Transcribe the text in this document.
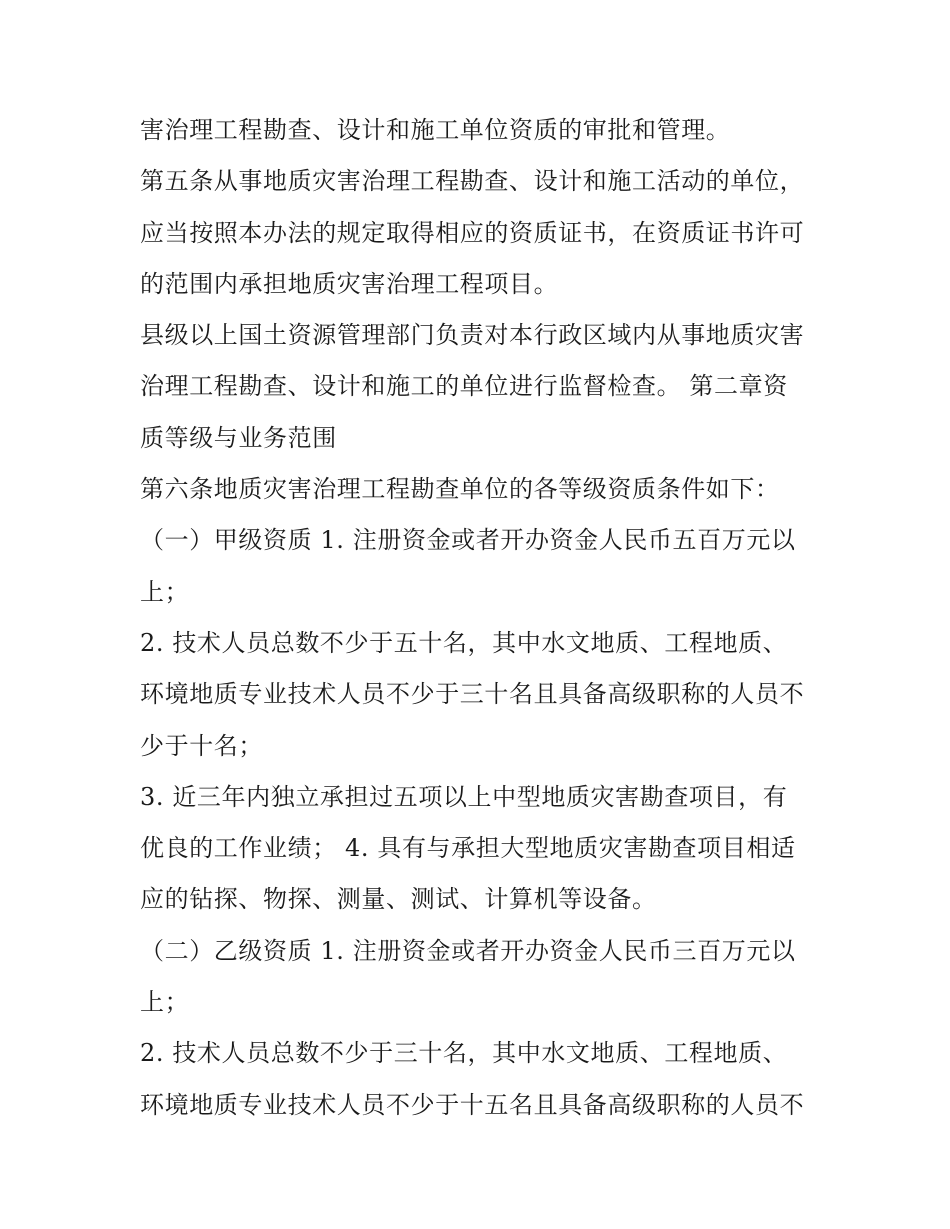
害治理工程勘查、设计和施工单位资质的审批和管理。
第五条从事地质灾害治理工程勘查、设计和施工活动的单位，
应当按照本办法的规定取得相应的资质证书，在资质证书许可
的范围内承担地质灾害治理工程项目。
县级以上国土资源管理部门负责对本行政区域内从事地质灾害
治理工程勘查、设计和施工的单位进行监督检查。 第二章资
质等级与业务范围
第六条地质灾害治理工程勘查单位的各等级资质条件如下：
（一）甲级资质 1. 注册资金或者开办资金人民币五百万元以
上；
2. 技术人员总数不少于五十名，其中水文地质、工程地质、
环境地质专业技术人员不少于三十名且具备高级职称的人员不
少于十名；
3. 近三年内独立承担过五项以上中型地质灾害勘查项目，有
优良的工作业绩； 4. 具有与承担大型地质灾害勘查项目相适
应的钻探、物探、测量、测试、计算机等设备。
（二）乙级资质 1. 注册资金或者开办资金人民币三百万元以
上；
2. 技术人员总数不少于三十名，其中水文地质、工程地质、
环境地质专业技术人员不少于十五名且具备高级职称的人员不
